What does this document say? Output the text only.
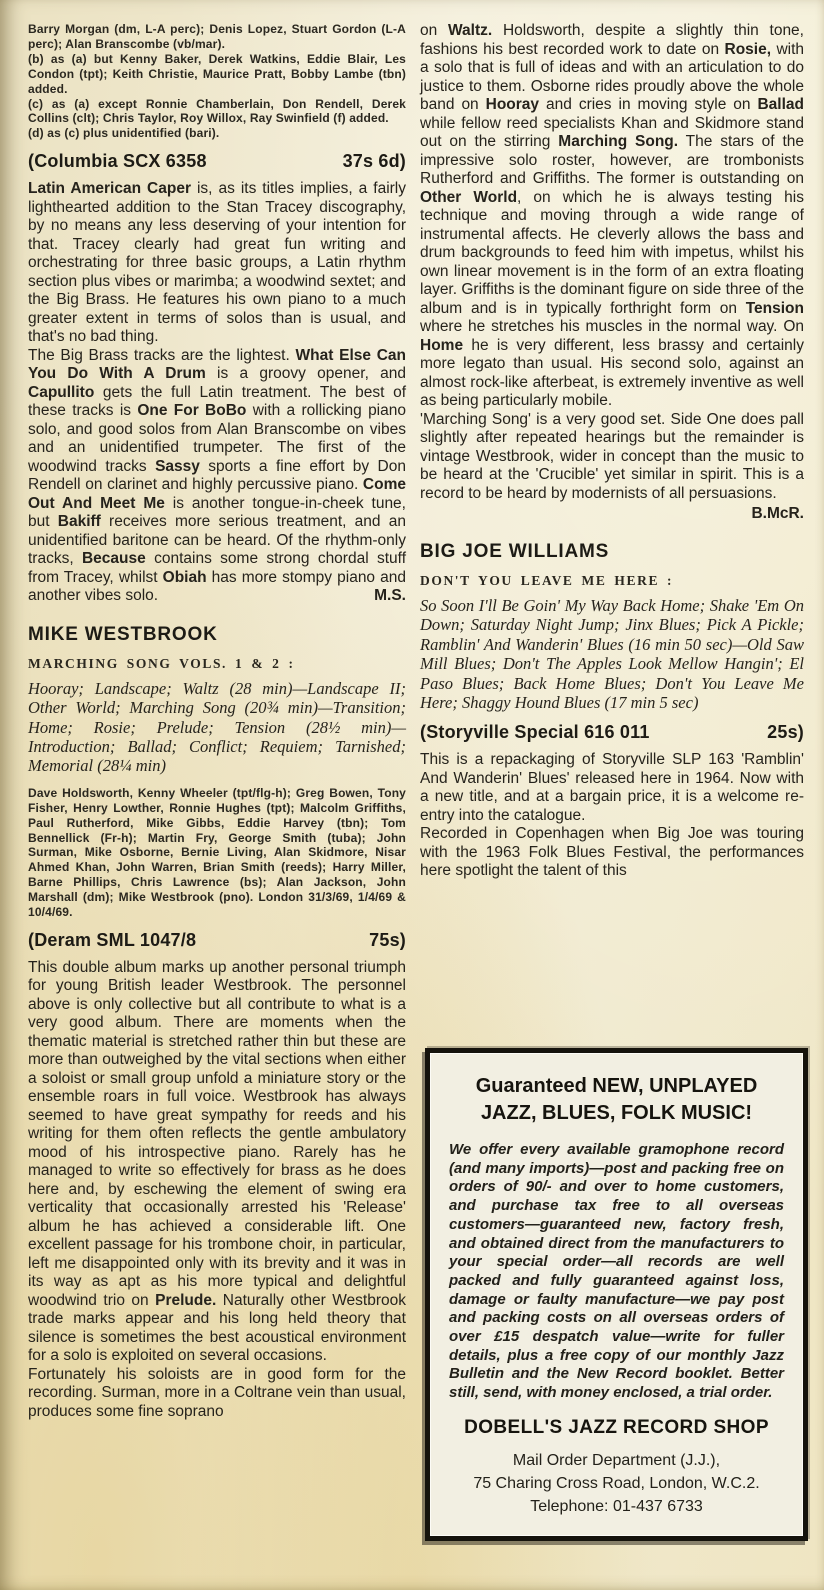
Barry Morgan (dm, L-A perc); Denis Lopez, Stuart Gordon (L-A perc); Alan Branscombe (vb/mar).

(b) as (a) but Kenny Baker, Derek Watkins, Eddie Blair, Les Condon (tpt); Keith Christie, Maurice Pratt, Bobby Lambe (tbn) added.

(c) as (a) except Ronnie Chamberlain, Don Rendell, Derek Collins (clt); Chris Taylor, Roy Willox, Ray Swinfield (f) added.

(d) as (c) plus unidentified (bari).

(Columbia SCX 6358	37s 6d)

Latin American Caper is, as its titles implies, a fairly lighthearted addition to the Stan Tracey discography, by no means any less deserving of your intention for that. Tracey clearly had great fun writing and orchestrating for three basic groups, a Latin rhythm section plus vibes or marimba; a woodwind sextet; and the Big Brass. He features his own piano to a much greater extent in terms of solos than is usual, and that's no bad thing.

M.S.
The Big Brass tracks are the lightest. What Else Can You Do With A Drum is a groovy opener, and Capullito gets the full Latin treatment. The best of these tracks is One For BoBo with a rollicking piano solo, and good solos from Alan Branscombe on vibes and an unidentified trumpeter. The first of the woodwind tracks Sassy sports a fine effort by Don Rendell on clarinet and highly percussive piano. Come Out And Meet Me is another tongue-in-cheek tune, but Bakiff receives more serious treatment, and an unidentified baritone can be heard. Of the rhythm-only tracks, Because contains some strong chordal stuff from Tracey, whilst Obiah has more stompy piano and another vibes solo.

MIKE WESTBROOK
MARCHING SONG VOLS. 1 & 2 :

Hooray; Landscape; Waltz (28 min)—Landscape II; Other World; Marching Song (20¾ min)—Transition; Home; Rosie; Prelude; Tension (28½ min)—Introduction; Ballad; Conflict; Requiem; Tarnished; Memorial (28¼ min)

Dave Holdsworth, Kenny Wheeler (tpt/flg-h); Greg Bowen, Tony Fisher, Henry Lowther, Ronnie Hughes (tpt); Malcolm Griffiths, Paul Rutherford, Mike Gibbs, Eddie Harvey (tbn); Tom Bennellick (Fr-h); Martin Fry, George Smith (tuba); John Surman, Mike Osborne, Bernie Living, Alan Skidmore, Nisar Ahmed Khan, John Warren, Brian Smith (reeds); Harry Miller, Barne Phillips, Chris Lawrence (bs); Alan Jackson, John Marshall (dm); Mike Westbrook (pno). London 31/3/69, 1/4/69 & 10/4/69.

(Deram SML 1047/8	75s)

This double album marks up another personal triumph for young British leader Westbrook. The personnel above is only collective but all contribute to what is a very good album. There are moments when the thematic material is stretched rather thin but these are more than outweighed by the vital sections when either a soloist or small group unfold a miniature story or the ensemble roars in full voice. Westbrook has always seemed to have great sympathy for reeds and his writing for them often reflects the gentle ambulatory mood of his introspective piano. Rarely has he managed to write so effectively for brass as he does here and, by eschewing the element of swing era verticality that occasionally arrested his 'Release' album he has achieved a considerable lift. One excellent passage for his trombone choir, in particular, left me disappointed only with its brevity and it was in its way as apt as his more typical and delightful woodwind trio on Prelude. Naturally other Westbrook trade marks appear and his long held theory that silence is sometimes the best acoustical environment for a solo is exploited on several occasions.

Fortunately his soloists are in good form for the recording. Surman, more in a Coltrane vein than usual, produces some fine soprano

on Waltz. Holdsworth, despite a slightly thin tone, fashions his best recorded work to date on Rosie, with a solo that is full of ideas and with an articulation to do justice to them. Osborne rides proudly above the whole band on Hooray and cries in moving style on Ballad while fellow reed specialists Khan and Skidmore stand out on the stirring Marching Song. The stars of the impressive solo roster, however, are trombonists Rutherford and Griffiths. The former is outstanding on Other World, on which he is always testing his technique and moving through a wide range of instrumental affects. He cleverly allows the bass and drum backgrounds to feed him with impetus, whilst his own linear movement is in the form of an extra floating layer. Griffiths is the dominant figure on side three of the album and is in typically forthright form on Tension where he stretches his muscles in the normal way. On Home he is very different, less brassy and certainly more legato than usual. His second solo, against an almost rock-like afterbeat, is extremely inventive as well as being particularly mobile.

'Marching Song' is a very good set. Side One does pall slightly after repeated hearings but the remainder is vintage Westbrook, wider in concept than the music to be heard at the 'Crucible' yet similar in spirit. This is a record to be heard by modernists of all persuasions.

B.McR.
BIG JOE WILLIAMS
DON'T YOU LEAVE ME HERE :

So Soon I'll Be Goin' My Way Back Home; Shake 'Em On Down; Saturday Night Jump; Jinx Blues; Pick A Pickle; Ramblin' And Wanderin' Blues (16 min 50 sec)—Old Saw Mill Blues; Don't The Apples Look Mellow Hangin'; El Paso Blues; Back Home Blues; Don't You Leave Me Here; Shaggy Hound Blues (17 min 5 sec)

(Storyville Special 616 011	25s)

This is a repackaging of Storyville SLP 163 'Ramblin' And Wanderin' Blues' released here in 1964. Now with a new title, and at a bargain price, it is a welcome re-entry into the catalogue.

Recorded in Copenhagen when Big Joe was touring with the 1963 Folk Blues Festival, the performances here spotlight the talent of this

Guaranteed NEW, UNPLAYED
JAZZ, BLUES, FOLK MUSIC!

We offer every available gramophone record (and many imports)—post and packing free on orders of 90/- and over to home customers, and purchase tax free to all overseas customers—guaranteed new, factory fresh, and obtained direct from the manufacturers to your special order—all records are well packed and fully guaranteed against loss, damage or faulty manufacture—we pay post and packing costs on all overseas orders of over £15 despatch value—write for fuller details, plus a free copy of our monthly Jazz Bulletin and the New Record booklet. Better still, send, with money enclosed, a trial order.

DOBELL'S JAZZ RECORD SHOP
Mail Order Department (J.J.),
75 Charing Cross Road, London, W.C.2.
Telephone: 01-437 6733
